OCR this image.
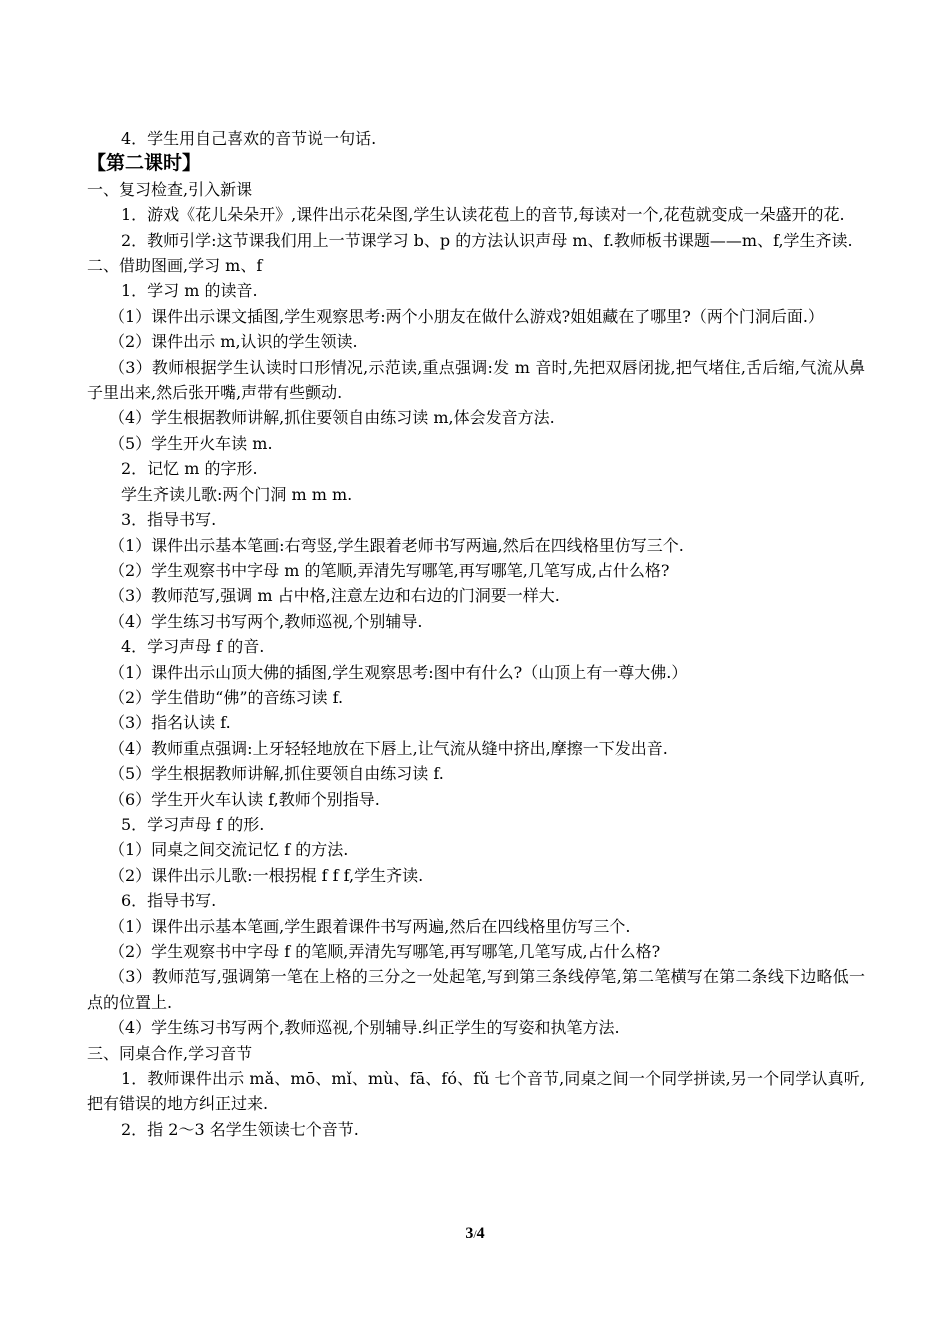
4．学生用自己喜欢的音节说一句话.

【第二课时】

一、复习检查,引入新课

1．游戏《花儿朵朵开》,课件出示花朵图,学生认读花苞上的音节,每读对一个,花苞就变成一朵盛开的花.

2．教师引学:这节课我们用上一节课学习 b、p 的方法认识声母 m、f.教师板书课题——m、f,学生齐读.

二、借助图画,学习 m、f

1．学习 m 的读音.

（1）课件出示课文插图,学生观察思考:两个小朋友在做什么游戏?姐姐藏在了哪里?（两个门洞后面.）

（2）课件出示 m,认识的学生领读.

（3）教师根据学生认读时口形情况,示范读,重点强调:发 m 音时,先把双唇闭拢,把气堵住,舌后缩,气流从鼻子里出来,然后张开嘴,声带有些颤动.

（4）学生根据教师讲解,抓住要领自由练习读 m,体会发音方法.

（5）学生开火车读 m.

2．记忆 m 的字形.

学生齐读儿歌:两个门洞 m m m.

3．指导书写.

（1）课件出示基本笔画:右弯竖,学生跟着老师书写两遍,然后在四线格里仿写三个.

（2）学生观察书中字母 m 的笔顺,弄清先写哪笔,再写哪笔,几笔写成,占什么格?

（3）教师范写,强调 m 占中格,注意左边和右边的门洞要一样大.

（4）学生练习书写两个,教师巡视,个别辅导.

4．学习声母 f 的音.

（1）课件出示山顶大佛的插图,学生观察思考:图中有什么?（山顶上有一尊大佛.）

（2）学生借助“佛”的音练习读 f.

（3）指名认读 f.

（4）教师重点强调:上牙轻轻地放在下唇上,让气流从缝中挤出,摩擦一下发出音.

（5）学生根据教师讲解,抓住要领自由练习读 f.

（6）学生开火车认读 f,教师个别指导.

5．学习声母 f 的形.

（1）同桌之间交流记忆 f 的方法.

（2）课件出示儿歌:一根拐棍 f f f,学生齐读.

6．指导书写.

（1）课件出示基本笔画,学生跟着课件书写两遍,然后在四线格里仿写三个.

（2）学生观察书中字母 f 的笔顺,弄清先写哪笔,再写哪笔,几笔写成,占什么格?

（3）教师范写,强调第一笔在上格的三分之一处起笔,写到第三条线停笔,第二笔横写在第二条线下边略低一点的位置上.

（4）学生练习书写两个,教师巡视,个别辅导.纠正学生的写姿和执笔方法.

三、同桌合作,学习音节

1．教师课件出示 mǎ、mō、mǐ、mù、fā、fó、fǔ 七个音节,同桌之间一个同学拼读,另一个同学认真听,把有错误的地方纠正过来.

2．指 2～3 名学生领读七个音节.

3/4
